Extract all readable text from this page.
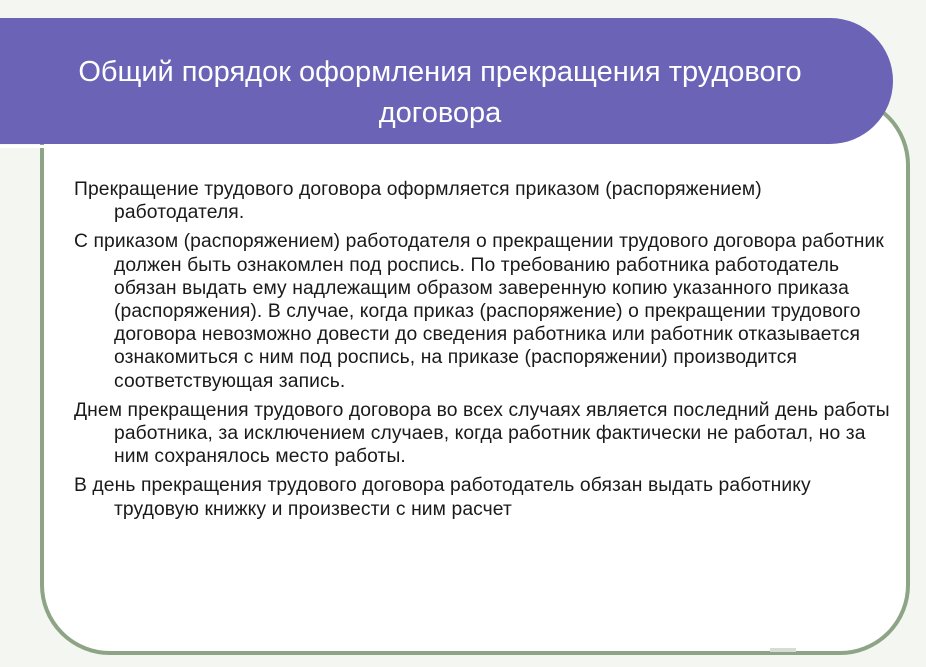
Общий порядок оформления прекращения трудового договора

Прекращение трудового договора оформляется приказом (распоряжением) работодателя.

С приказом (распоряжением) работодателя о прекращении трудового договора работник должен быть ознакомлен под роспись. По требованию работника работодатель обязан выдать ему надлежащим образом заверенную копию указанного приказа (распоряжения). В случае, когда приказ (распоряжение) о прекращении трудового договора невозможно довести до сведения работника или работник отказывается ознакомиться с ним под роспись, на приказе (распоряжении) производится соответствующая запись.

Днем прекращения трудового договора во всех случаях является последний день работы работника, за исключением случаев, когда работник фактически не работал, но за ним сохранялось место работы.

В день прекращения трудового договора работодатель обязан выдать работнику трудовую книжку и произвести с ним расчет
